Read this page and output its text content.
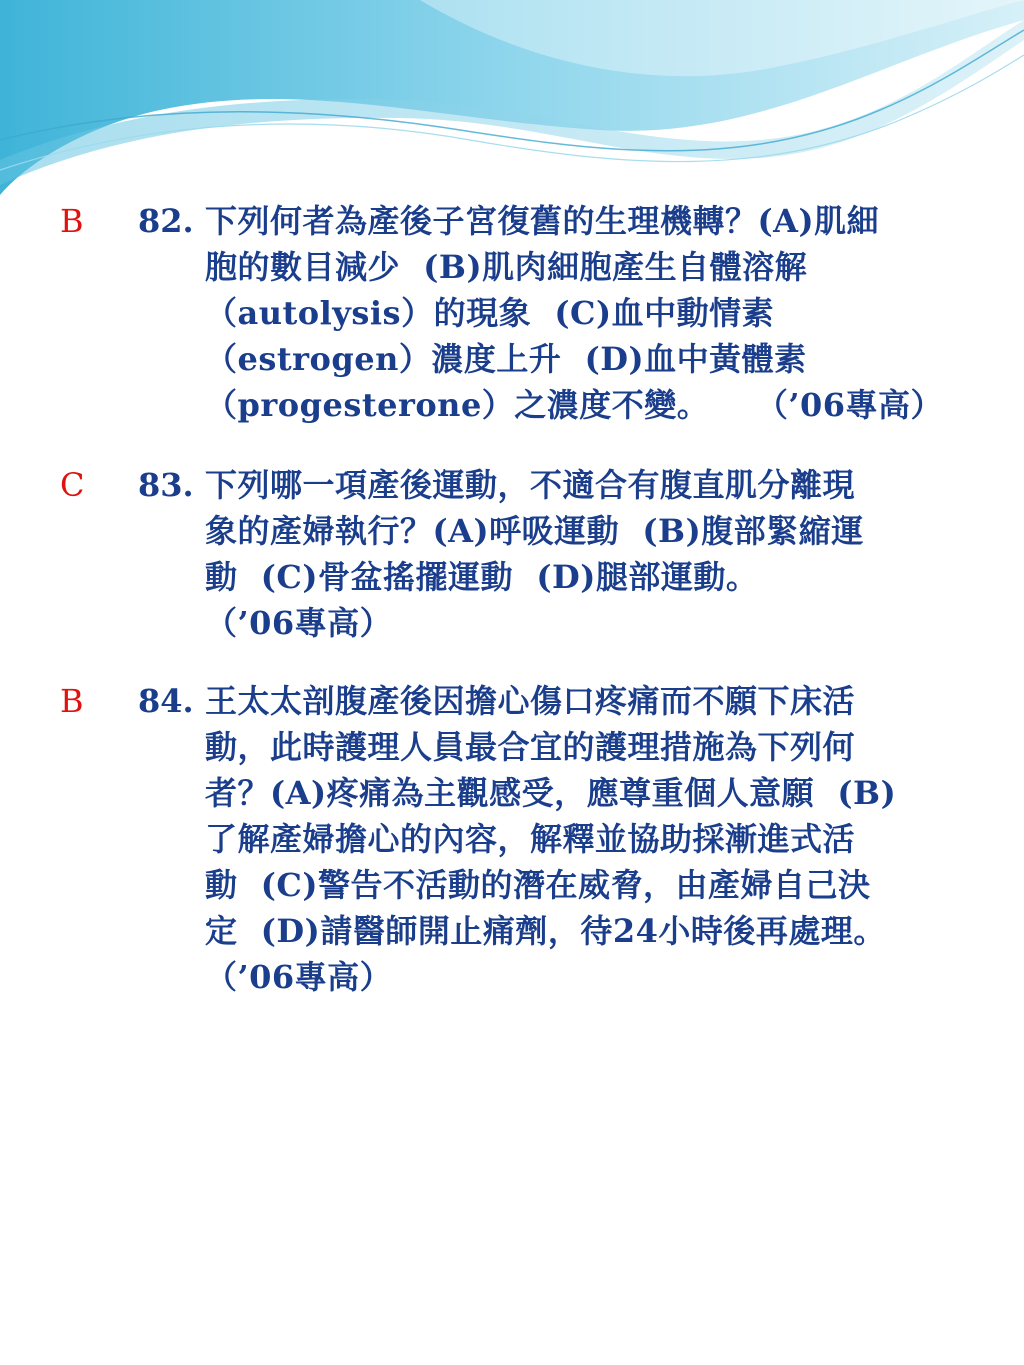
B 82. 下列何者為產後子宮復舊的生理機轉？(A)肌細
胞的數目減少  (B)肌肉細胞產生自體溶解
（autolysis）的現象  (C)血中動情素
（estrogen）濃度上升  (D)血中黃體素
（progesterone）之濃度不變。    （’06專高）
C 83. 下列哪一項產後運動，不適合有腹直肌分離現
象的產婦執行？(A)呼吸運動  (B)腹部緊縮運
動  (C)骨盆搖擺運動  (D)腿部運動。
（’06專高）
B 84. 王太太剖腹產後因擔心傷口疼痛而不願下床活
動，此時護理人員最合宜的護理措施為下列何
者？(A)疼痛為主觀感受，應尊重個人意願  (B)
了解產婦擔心的內容，解釋並協助採漸進式活
動  (C)警告不活動的潛在威脅，由產婦自己決
定  (D)請醫師開止痛劑，待24小時後再處理。
（’06專高）
